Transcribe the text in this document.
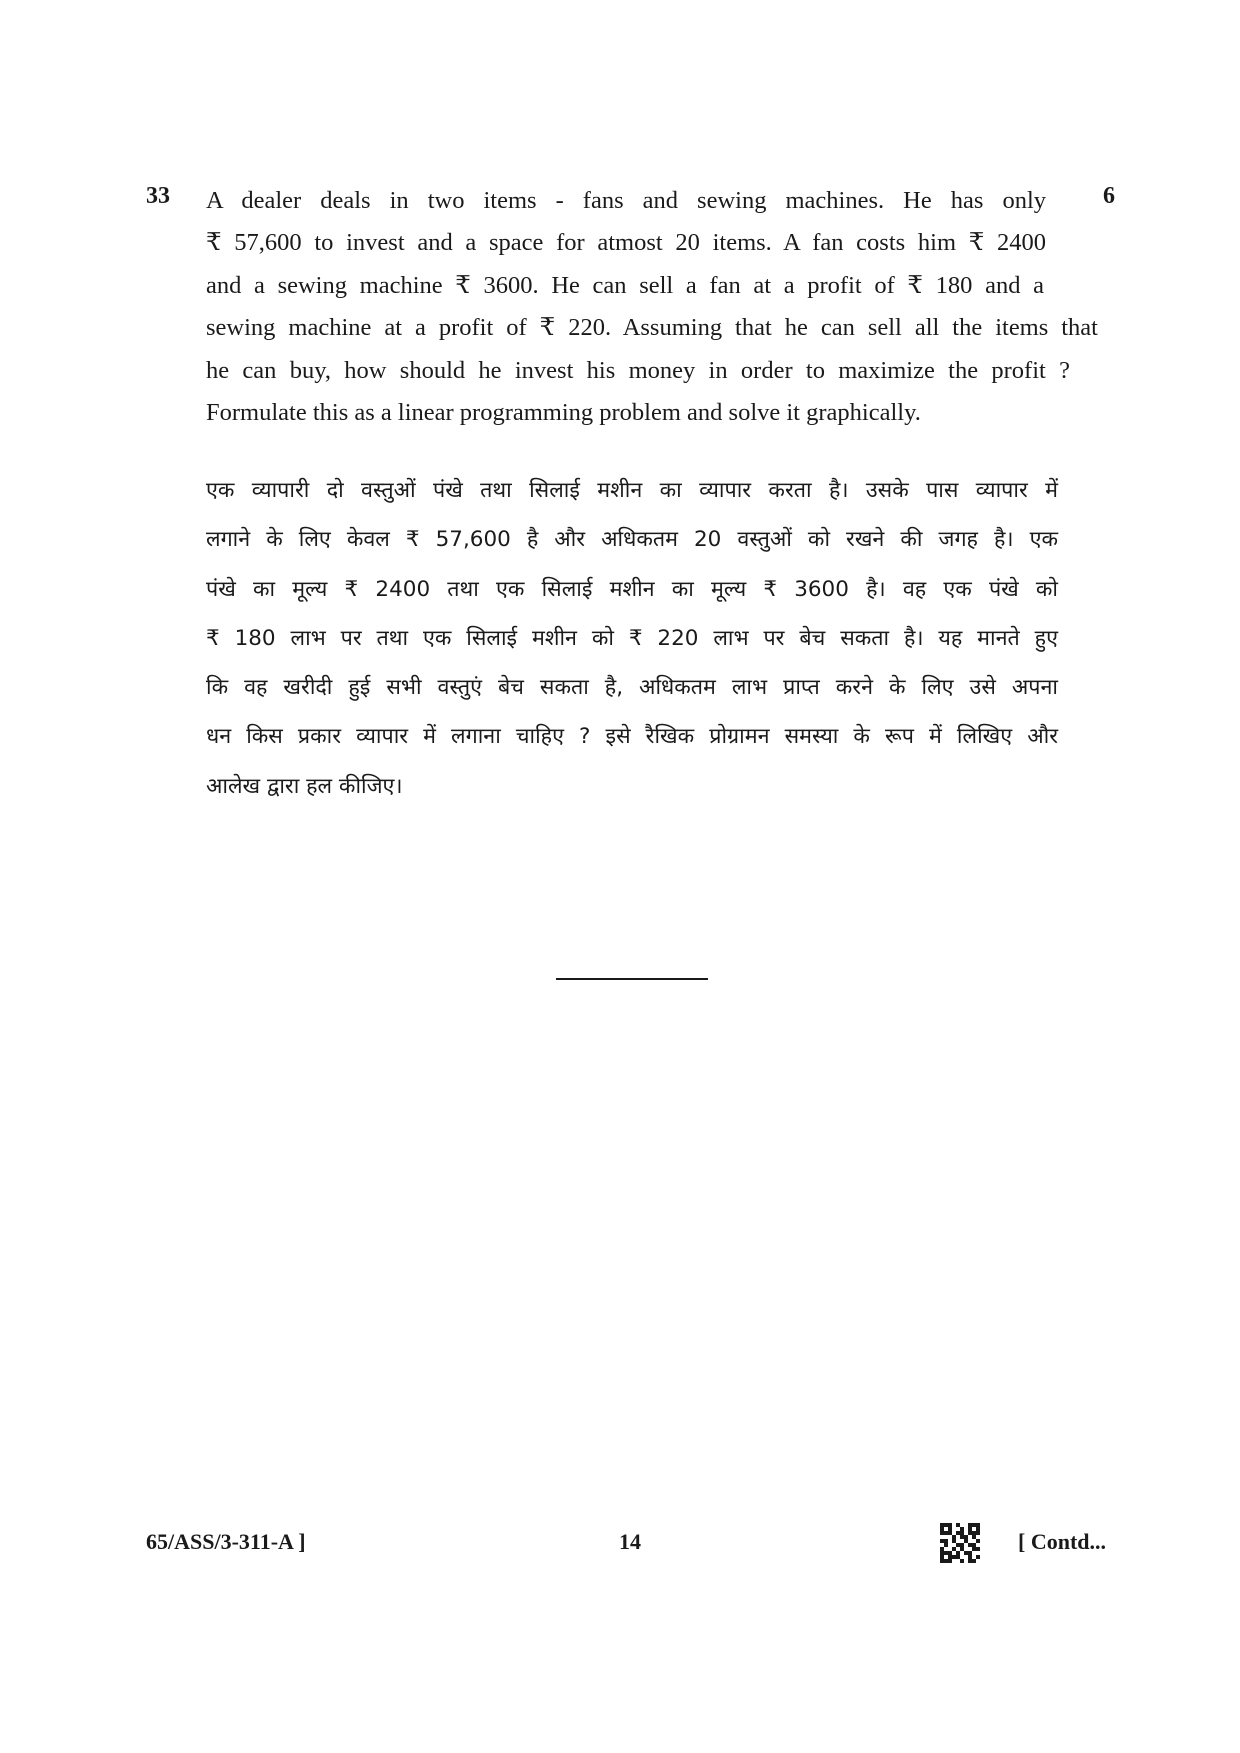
33	6
A dealer deals in two items - fans and sewing machines. He has only
₹ 57,600 to invest and a space for atmost 20 items. A fan costs him ₹ 2400
and a sewing machine ₹ 3600. He can sell a fan at a profit of ₹ 180 and a
sewing machine at a profit of ₹ 220. Assuming that he can sell all the items that
he can buy, how should he invest his money in order to maximize the profit ?
Formulate this as a linear programming problem and solve it graphically.
एक व्यापारी दो वस्तुओं पंखे तथा सिलाई मशीन का व्यापार करता है। उसके पास व्यापार में
लगाने के लिए केवल ₹ 57,600 है और अधिकतम 20 वस्तुओं को रखने की जगह है। एक
पंखे का मूल्य ₹ 2400 तथा एक सिलाई मशीन का मूल्य ₹ 3600 है। वह एक पंखे को
₹ 180 लाभ पर तथा एक सिलाई मशीन को ₹ 220 लाभ पर बेच सकता है। यह मानते हुए
कि वह खरीदी हुई सभी वस्तुएं बेच सकता है, अधिकतम लाभ प्राप्त करने के लिए उसे अपना
धन किस प्रकार व्यापार में लगाना चाहिए ? इसे रैखिक प्रोग्रामन समस्या के रूप में लिखिए और
आलेख द्वारा हल कीजिए।
65/ASS/3-311-A ]	14	[ Contd...
